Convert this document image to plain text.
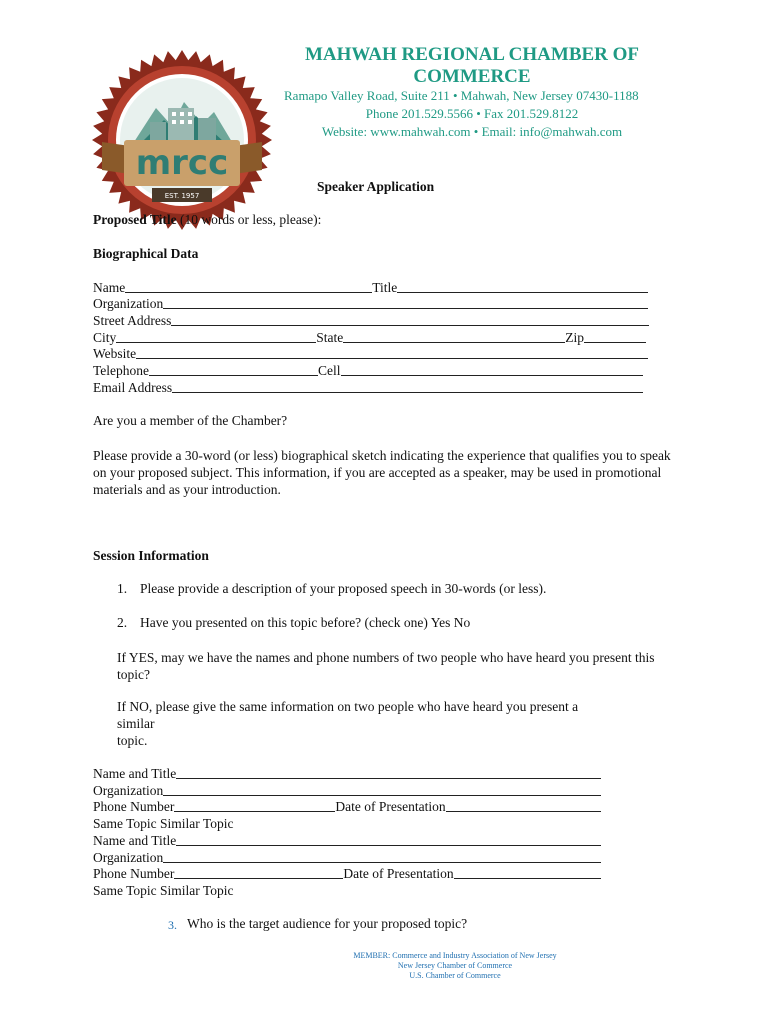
mrcc
EST. 1957
MAHWAH REGIONAL CHAMBER OF COMMERCE
Ramapo Valley Road, Suite 211 • Mahwah, New Jersey 07430-1188
Phone 201.529.5566 • Fax 201.529.8122
Website: www.mahwah.com • Email: info@mahwah.com
Speaker Application
Proposed Title (10 words or less, please):
Biographical Data
Name	Title
Organization
Street Address
City	State	Zip
Website
Telephone	Cell
Email Address
Are you a member of the Chamber?
Please provide a 30-word (or less) biographical sketch indicating the experience that qualifies you to speak on your proposed subject. This information, if you are accepted as a speaker, may be used in promotional materials and as your introduction.
Session Information
1. Please provide a description of your proposed speech in 30-words (or less).
2. Have you presented on this topic before? (check one) Yes No
If YES, may we have the names and phone numbers of two people who have heard you present this topic?
If NO, please give the same information on two people who have heard you present a
similar
topic.
Name and Title
Organization
Phone Number	Date of Presentation
Same Topic Similar Topic
Name and Title
Organization
Phone Number	Date of Presentation
Same Topic Similar Topic
3. Who is the target audience for your proposed topic?
MEMBER: Commerce and Industry Association of New Jersey
New Jersey Chamber of Commerce
U.S. Chamber of Commerce
